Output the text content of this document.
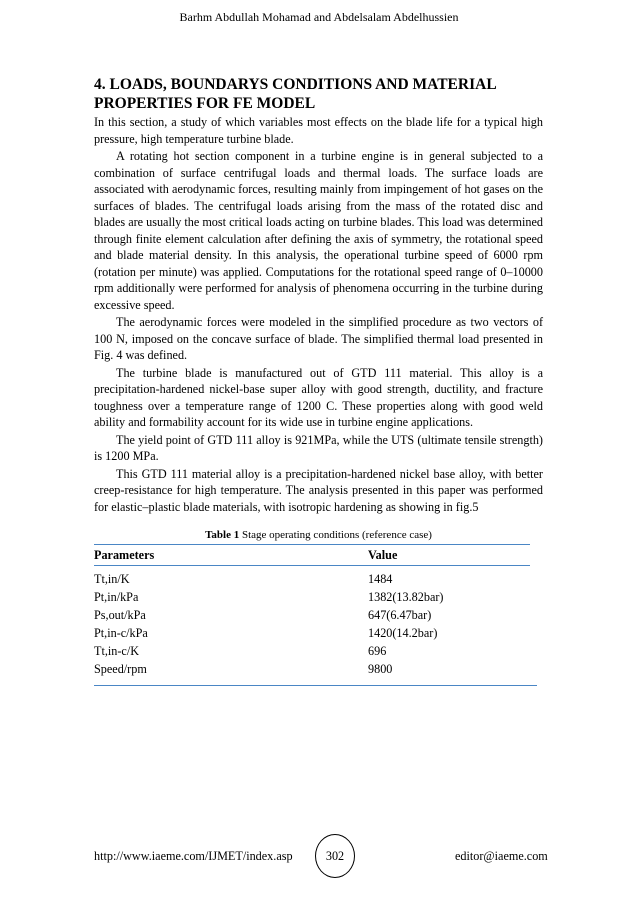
Barhm Abdullah Mohamad and Abdelsalam Abdelhussien
4. LOADS, BOUNDARYS CONDITIONS AND MATERIAL PROPERTIES FOR FE MODEL

In this section, a study of which variables most effects on the blade life for a typical high pressure, high temperature turbine blade.

A rotating hot section component in a turbine engine is in general subjected to a combination of surface centrifugal loads and thermal loads. The surface loads are associated with aerodynamic forces, resulting mainly from impingement of hot gases on the surfaces of blades. The centrifugal loads arising from the mass of the rotated disc and blades are usually the most critical loads acting on turbine blades. This load was determined through finite element calculation after defining the axis of symmetry, the rotational speed and blade material density. In this analysis, the operational turbine speed of 6000 rpm (rotation per minute) was applied. Computations for the rotational speed range of 0–10000 rpm additionally were performed for analysis of phenomena occurring in the turbine during excessive speed.

The aerodynamic forces were modeled in the simplified procedure as two vectors of 100 N, imposed on the concave surface of blade. The simplified thermal load presented in Fig. 4 was defined.

The turbine blade is manufactured out of GTD 111 material. This alloy is a precipitation-hardened nickel-base super alloy with good strength, ductility, and fracture toughness over a temperature range of 1200 C. These properties along with good weld ability and formability account for its wide use in turbine engine applications.

The yield point of GTD 111 alloy is 921MPa, while the UTS (ultimate tensile strength) is 1200 MPa.

This GTD 111 material alloy is a precipitation-hardened nickel base alloy, with better creep-resistance for high temperature. The analysis presented in this paper was performed for elastic–plastic blade materials, with isotropic hardening as showing in fig.5

Table 1 Stage operating conditions (reference case)
Parameters	Value
Tt,in/K	1484
Pt,in/kPa	1382(13.82bar)
Ps,out/kPa	647(6.47bar)
Pt,in-c/kPa	1420(14.2bar)
Tt,in-c/K	696
Speed/rpm	9800
http://www.iaeme.com/IJMET/index.asp	302	editor@iaeme.com
